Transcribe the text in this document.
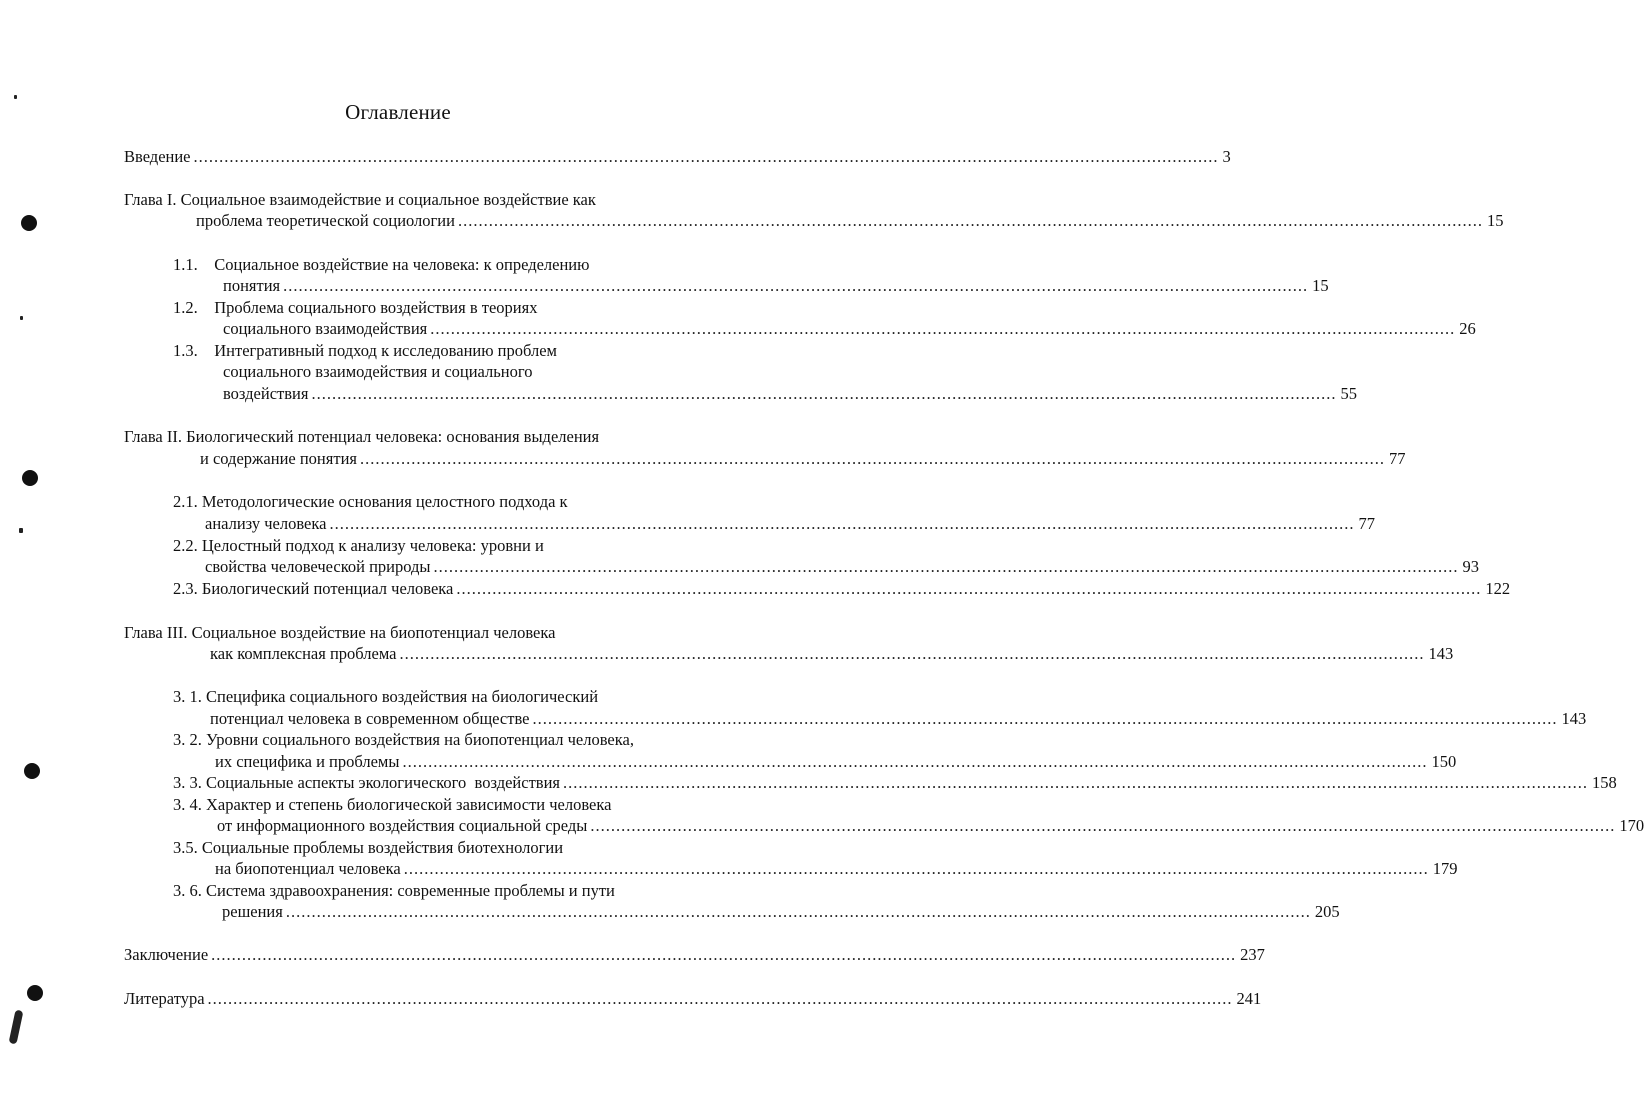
Оглавление
Введение ........................................................................................................................................................................................................ 3
Глава I. Социальное взаимодействие и социальное воздействие как
проблема теоретической социологии ........................................................................................................................................................................................................ 15
1.1.    Социальное воздействие на человека: к определению
понятия ........................................................................................................................................................................................................ 15
1.2.    Проблема социального воздействия в теориях
социального взаимодействия ........................................................................................................................................................................................................ 26
1.3.    Интегративный подход к исследованию проблем
социального взаимодействия и социального
воздействия ........................................................................................................................................................................................................ 55
Глава II. Биологический потенциал человека: основания выделения
и содержание понятия ........................................................................................................................................................................................................ 77
2.1. Методологические основания целостного подхода к
анализу человека ........................................................................................................................................................................................................ 77
2.2. Целостный подход к анализу человека: уровни и
свойства человеческой природы ........................................................................................................................................................................................................ 93
2.3. Биологический потенциал человека ........................................................................................................................................................................................................ 122
Глава III. Социальное воздействие на биопотенциал человека
как комплексная проблема ........................................................................................................................................................................................................ 143
3. 1. Специфика социального воздействия на биологический
потенциал человека в современном обществе ........................................................................................................................................................................................................ 143
3. 2. Уровни социального воздействия на биопотенциал человека,
их специфика и проблемы ........................................................................................................................................................................................................ 150
3. 3. Социальные аспекты экологического  воздействия ........................................................................................................................................................................................................ 158
3. 4. Характер и степень биологической зависимости человека
от информационного воздействия социальной среды ........................................................................................................................................................................................................ 170
3.5. Социальные проблемы воздействия биотехнологии
на биопотенциал человека ........................................................................................................................................................................................................ 179
3. 6. Система здравоохранения: современные проблемы и пути
решения ........................................................................................................................................................................................................ 205
Заключение ........................................................................................................................................................................................................ 237
Литература ........................................................................................................................................................................................................ 241
